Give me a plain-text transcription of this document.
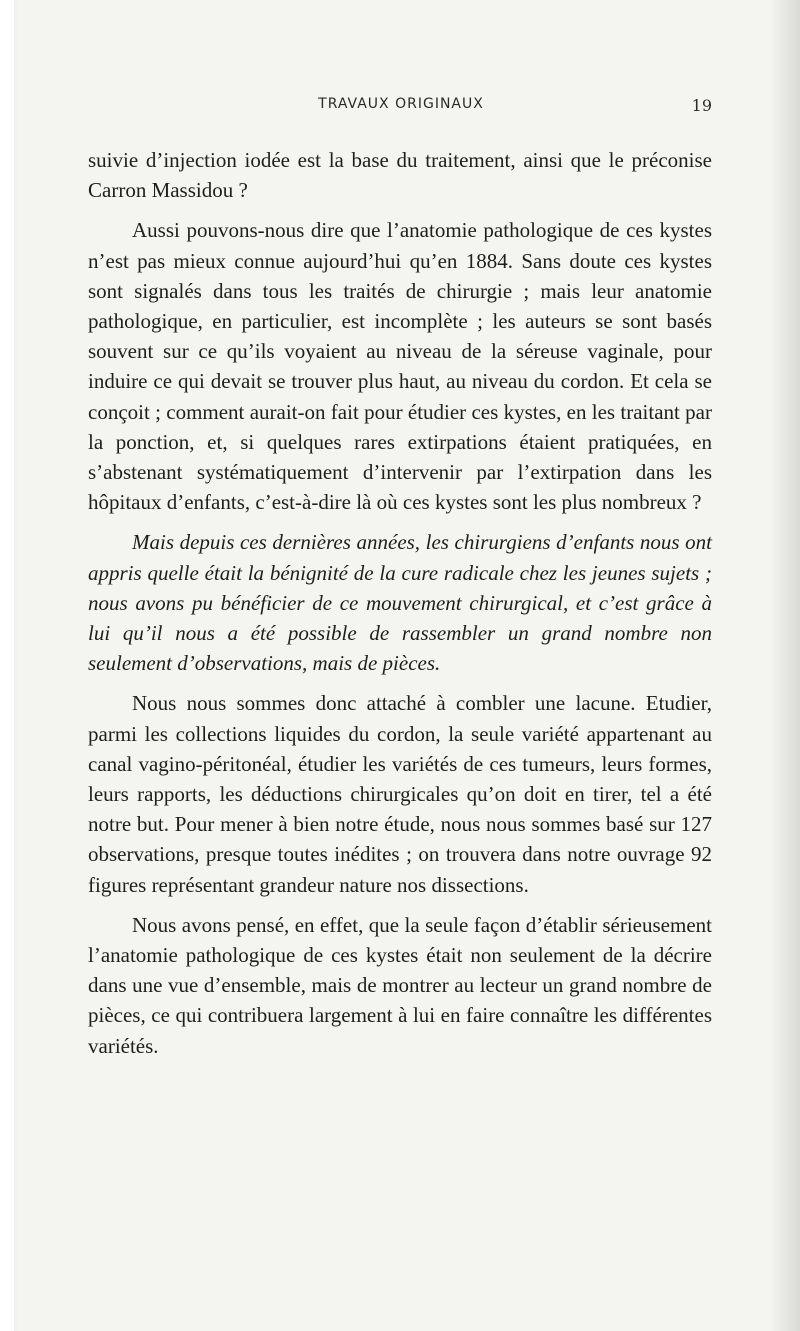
TRAVAUX ORIGINAUX	19

suivie d’injection iodée est la base du traitement, ainsi que le préconise Carron Massidou ?

Aussi pouvons-nous dire que l’anatomie pathologique de ces kystes n’est pas mieux connue aujourd’hui qu’en 1884. Sans doute ces kystes sont signalés dans tous les traités de chirurgie ; mais leur anatomie pathologique, en particulier, est incomplète ; les auteurs se sont basés souvent sur ce qu’ils voyaient au niveau de la séreuse vaginale, pour induire ce qui devait se trouver plus haut, au niveau du cordon. Et cela se conçoit ; comment aurait-on fait pour étudier ces kystes, en les traitant par la ponction, et, si quelques rares extirpations étaient pratiquées, en s’abstenant systématiquement d’intervenir par l’extirpation dans les hôpitaux d’enfants, c’est-à-dire là où ces kystes sont les plus nombreux ?

Mais depuis ces dernières années, les chirurgiens d’enfants nous ont appris quelle était la bénignité de la cure radicale chez les jeunes sujets ; nous avons pu bénéficier de ce mouvement chirurgical, et c’est grâce à lui qu’il nous a été possible de rassembler un grand nombre non seulement d’observations, mais de pièces.

Nous nous sommes donc attaché à combler une lacune. Etudier, parmi les collections liquides du cordon, la seule variété appartenant au canal vagino-péritonéal, étudier les variétés de ces tumeurs, leurs formes, leurs rapports, les déductions chirurgicales qu’on doit en tirer, tel a été notre but. Pour mener à bien notre étude, nous nous sommes basé sur 127 observations, presque toutes inédites ; on trouvera dans notre ouvrage 92 figures représentant grandeur nature nos dissections.

Nous avons pensé, en effet, que la seule façon d’établir sérieusement l’anatomie pathologique de ces kystes était non seulement de la décrire dans une vue d’ensemble, mais de montrer au lecteur un grand nombre de pièces, ce qui contribuera largement à lui en faire connaître les différentes variétés.
